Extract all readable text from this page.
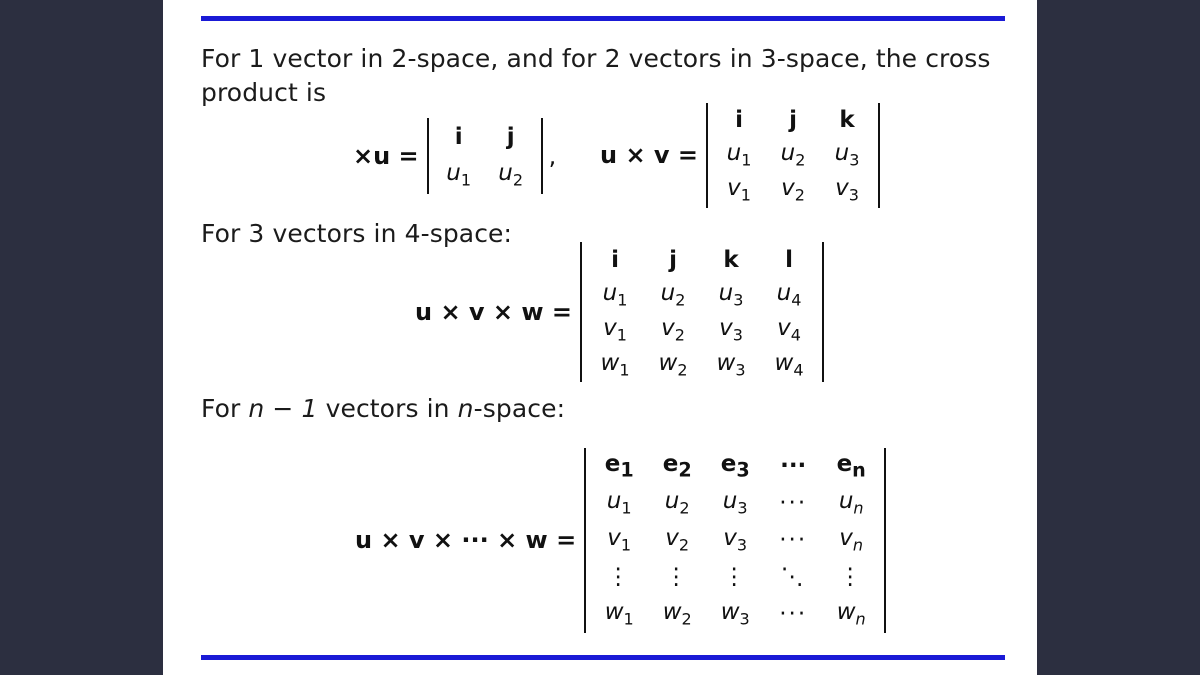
For 1 vector in 2-space, and for 2 vectors in 3-space, the cross product is
×u =
i	j
$u_1$	$u_2$
, u × v =
i	j	k
$u_1$	$u_2$	$u_3$
$v_1$	$v_2$	$v_3$
For 3 vectors in 4-space:
u × v × w =
i	j	k	l
$u_1$	$u_2$	$u_3$	$u_4$
$v_1$	$v_2$	$v_3$	$v_4$
$w_1$	$w_2$	$w_3$	$w_4$
For n − 1 vectors in n-space:
u × v × ··· × w =
$e_1$	$e_2$	$e_3$	···	$e_n$
$u_1$	$u_2$	$u_3$	···	$u_n$
$v_1$	$v_2$	$v_3$	···	$v_n$
⋮	⋮	⋮	⋱	⋮
$w_1$	$w_2$	$w_3$	···	$w_n$
